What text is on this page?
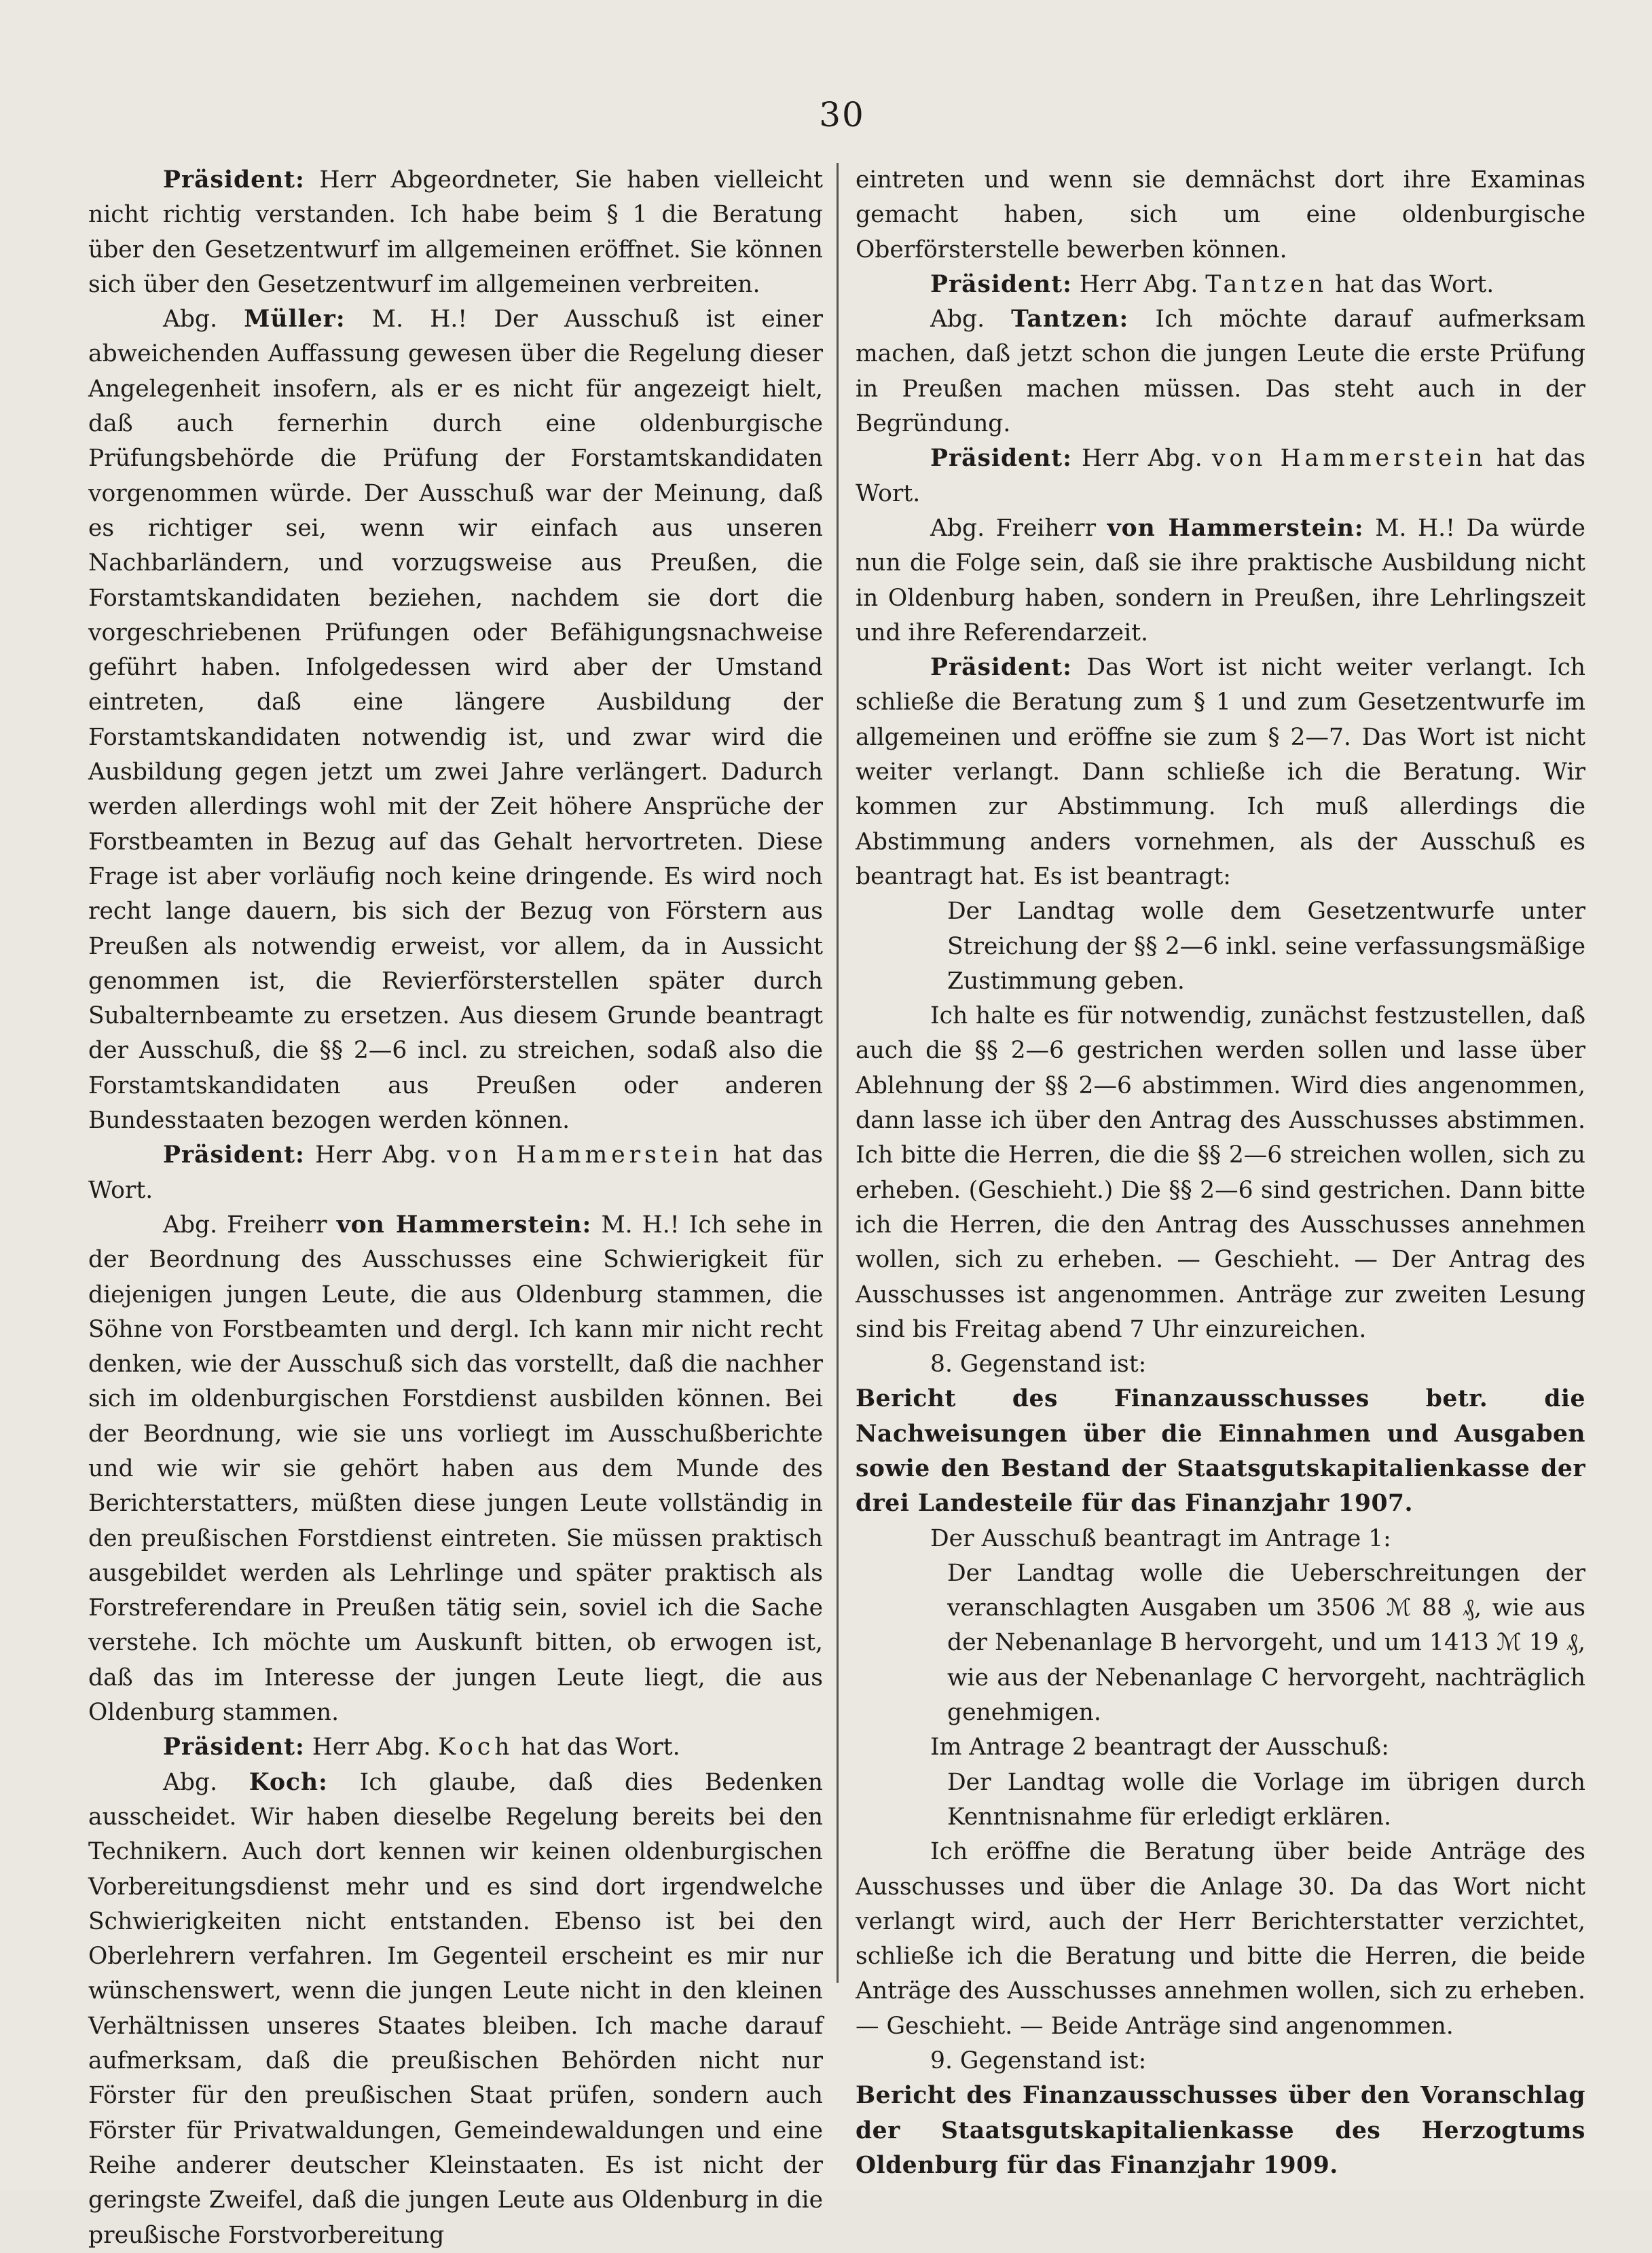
30

Präsident: Herr Abgeordneter, Sie haben vielleicht nicht richtig verstanden. Ich habe beim § 1 die Beratung über den Gesetzentwurf im allgemeinen eröffnet. Sie können sich über den Gesetzentwurf im allgemeinen verbreiten.

Abg. Müller: M. H.! Der Ausschuß ist einer abweichenden Auffassung gewesen über die Regelung dieser Angelegenheit insofern, als er es nicht für angezeigt hielt, daß auch fernerhin durch eine oldenburgische Prüfungsbehörde die Prüfung der Forstamtskandidaten vorgenommen würde. Der Ausschuß war der Meinung, daß es richtiger sei, wenn wir einfach aus unseren Nachbarländern, und vorzugsweise aus Preußen, die Forstamtskandidaten beziehen, nachdem sie dort die vorgeschriebenen Prüfungen oder Befähigungsnachweise geführt haben. Infolgedessen wird aber der Umstand eintreten, daß eine längere Ausbildung der Forstamtskandidaten notwendig ist, und zwar wird die Ausbildung gegen jetzt um zwei Jahre verlängert. Dadurch werden allerdings wohl mit der Zeit höhere Ansprüche der Forstbeamten in Bezug auf das Gehalt hervortreten. Diese Frage ist aber vorläufig noch keine dringende. Es wird noch recht lange dauern, bis sich der Bezug von Förstern aus Preußen als notwendig erweist, vor allem, da in Aussicht genommen ist, die Revierförsterstellen später durch Subalternbeamte zu ersetzen. Aus diesem Grunde beantragt der Ausschuß, die §§ 2—6 incl. zu streichen, sodaß also die Forstamtskandidaten aus Preußen oder anderen Bundesstaaten bezogen werden können.

Präsident: Herr Abg. von Hammerstein hat das Wort.

Abg. Freiherr von Hammerstein: M. H.! Ich sehe in der Beordnung des Ausschusses eine Schwierigkeit für diejenigen jungen Leute, die aus Oldenburg stammen, die Söhne von Forstbeamten und dergl. Ich kann mir nicht recht denken, wie der Ausschuß sich das vorstellt, daß die nachher sich im oldenburgischen Forstdienst ausbilden können. Bei der Beordnung, wie sie uns vorliegt im Ausschußberichte und wie wir sie gehört haben aus dem Munde des Berichterstatters, müßten diese jungen Leute vollständig in den preußischen Forstdienst eintreten. Sie müssen praktisch ausgebildet werden als Lehrlinge und später praktisch als Forstreferendare in Preußen tätig sein, soviel ich die Sache verstehe. Ich möchte um Auskunft bitten, ob erwogen ist, daß das im Interesse der jungen Leute liegt, die aus Oldenburg stammen.

Präsident: Herr Abg. Koch hat das Wort.

Abg. Koch: Ich glaube, daß dies Bedenken ausscheidet. Wir haben dieselbe Regelung bereits bei den Technikern. Auch dort kennen wir keinen oldenburgischen Vorbereitungsdienst mehr und es sind dort irgendwelche Schwierigkeiten nicht entstanden. Ebenso ist bei den Oberlehrern verfahren. Im Gegenteil erscheint es mir nur wünschenswert, wenn die jungen Leute nicht in den kleinen Verhältnissen unseres Staates bleiben. Ich mache darauf aufmerksam, daß die preußischen Behörden nicht nur Förster für den preußischen Staat prüfen, sondern auch Förster für Privatwaldungen, Gemeindewaldungen und eine Reihe anderer deutscher Kleinstaaten. Es ist nicht der geringste Zweifel, daß die jungen Leute aus Oldenburg in die preußische Forstvorbereitung

eintreten und wenn sie demnächst dort ihre Examinas gemacht haben, sich um eine oldenburgische Oberförsterstelle bewerben können.

Präsident: Herr Abg. Tantzen hat das Wort.

Abg. Tantzen: Ich möchte darauf aufmerksam machen, daß jetzt schon die jungen Leute die erste Prüfung in Preußen machen müssen. Das steht auch in der Begründung.

Präsident: Herr Abg. von Hammerstein hat das Wort.

Abg. Freiherr von Hammerstein: M. H.! Da würde nun die Folge sein, daß sie ihre praktische Ausbildung nicht in Oldenburg haben, sondern in Preußen, ihre Lehrlingszeit und ihre Referendarzeit.

Präsident: Das Wort ist nicht weiter verlangt. Ich schließe die Beratung zum § 1 und zum Gesetzentwurfe im allgemeinen und eröffne sie zum § 2—7. Das Wort ist nicht weiter verlangt. Dann schließe ich die Beratung. Wir kommen zur Abstimmung. Ich muß allerdings die Abstimmung anders vornehmen, als der Ausschuß es beantragt hat. Es ist beantragt:

Der Landtag wolle dem Gesetzentwurfe unter Streichung der §§ 2—6 inkl. seine verfassungsmäßige Zustimmung geben.

Ich halte es für notwendig, zunächst festzustellen, daß auch die §§ 2—6 gestrichen werden sollen und lasse über Ablehnung der §§ 2—6 abstimmen. Wird dies angenommen, dann lasse ich über den Antrag des Ausschusses abstimmen. Ich bitte die Herren, die die §§ 2—6 streichen wollen, sich zu erheben. (Geschieht.) Die §§ 2—6 sind gestrichen. Dann bitte ich die Herren, die den Antrag des Ausschusses annehmen wollen, sich zu erheben. — Geschieht. — Der Antrag des Ausschusses ist angenommen. Anträge zur zweiten Lesung sind bis Freitag abend 7 Uhr einzureichen.

8. Gegenstand ist:

Bericht des Finanzausschusses betr. die Nachweisungen über die Einnahmen und Ausgaben sowie den Bestand der Staatsgutskapitalienkasse der drei Landesteile für das Finanzjahr 1907.

Der Ausschuß beantragt im Antrage 1:

Der Landtag wolle die Ueberschreitungen der veranschlagten Ausgaben um 3506 ℳ 88 ₰, wie aus der Nebenanlage B hervorgeht, und um 1413 ℳ 19 ₰, wie aus der Nebenanlage C hervorgeht, nachträglich genehmigen.

Im Antrage 2 beantragt der Ausschuß:

Der Landtag wolle die Vorlage im übrigen durch Kenntnisnahme für erledigt erklären.

Ich eröffne die Beratung über beide Anträge des Ausschusses und über die Anlage 30. Da das Wort nicht verlangt wird, auch der Herr Berichterstatter verzichtet, schließe ich die Beratung und bitte die Herren, die beide Anträge des Ausschusses annehmen wollen, sich zu erheben. — Geschieht. — Beide Anträge sind angenommen.

9. Gegenstand ist:

Bericht des Finanzausschusses über den Voranschlag der Staatsgutskapitalienkasse des Herzogtums Oldenburg für das Finanzjahr 1909.
